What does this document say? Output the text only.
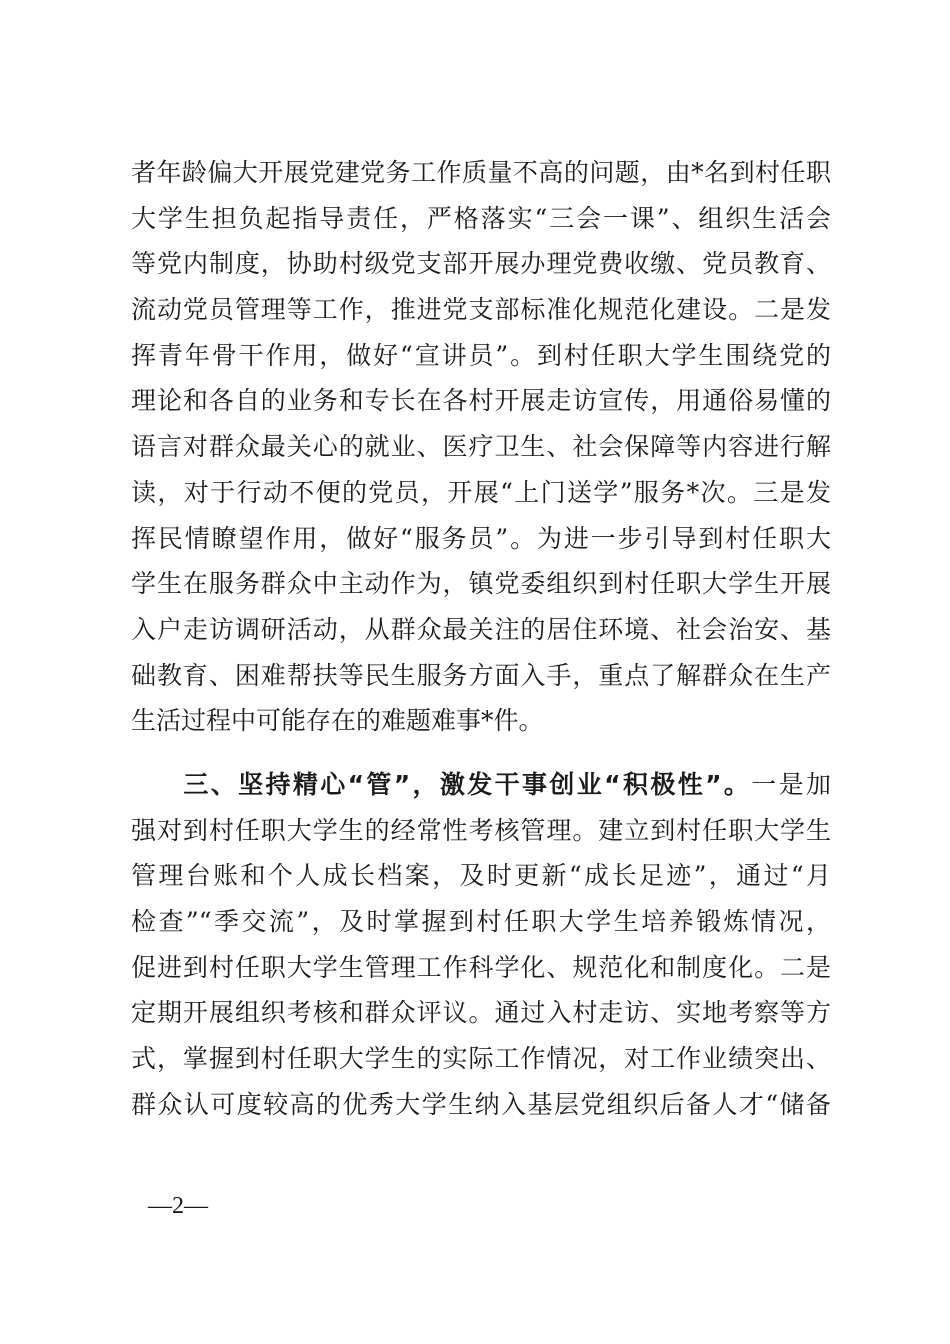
者年龄偏大开展党建党务工作质量不高的问题，由*名到村任职
大学生担负起指导责任，严格落实“三会一课”、组织生活会
等党内制度，协助村级党支部开展办理党费收缴、党员教育、
流动党员管理等工作，推进党支部标准化规范化建设。二是发
挥青年骨干作用，做好“宣讲员”。到村任职大学生围绕党的
理论和各自的业务和专长在各村开展走访宣传，用通俗易懂的
语言对群众最关心的就业、医疗卫生、社会保障等内容进行解
读，对于行动不便的党员，开展“上门送学”服务*次。三是发
挥民情瞭望作用，做好“服务员”。为进一步引导到村任职大
学生在服务群众中主动作为，镇党委组织到村任职大学生开展
入户走访调研活动，从群众最关注的居住环境、社会治安、基
础教育、困难帮扶等民生服务方面入手，重点了解群众在生产
生活过程中可能存在的难题难事*件。
三、坚持精心“管”，激发干事创业“积极性”。一是加
强对到村任职大学生的经常性考核管理。建立到村任职大学生
管理台账和个人成长档案，及时更新“成长足迹”，通过“月
检查”“季交流”，及时掌握到村任职大学生培养锻炼情况，
促进到村任职大学生管理工作科学化、规范化和制度化。二是
定期开展组织考核和群众评议。通过入村走访、实地考察等方
式，掌握到村任职大学生的实际工作情况，对工作业绩突出、
群众认可度较高的优秀大学生纳入基层党组织后备人才“储备
—2—
